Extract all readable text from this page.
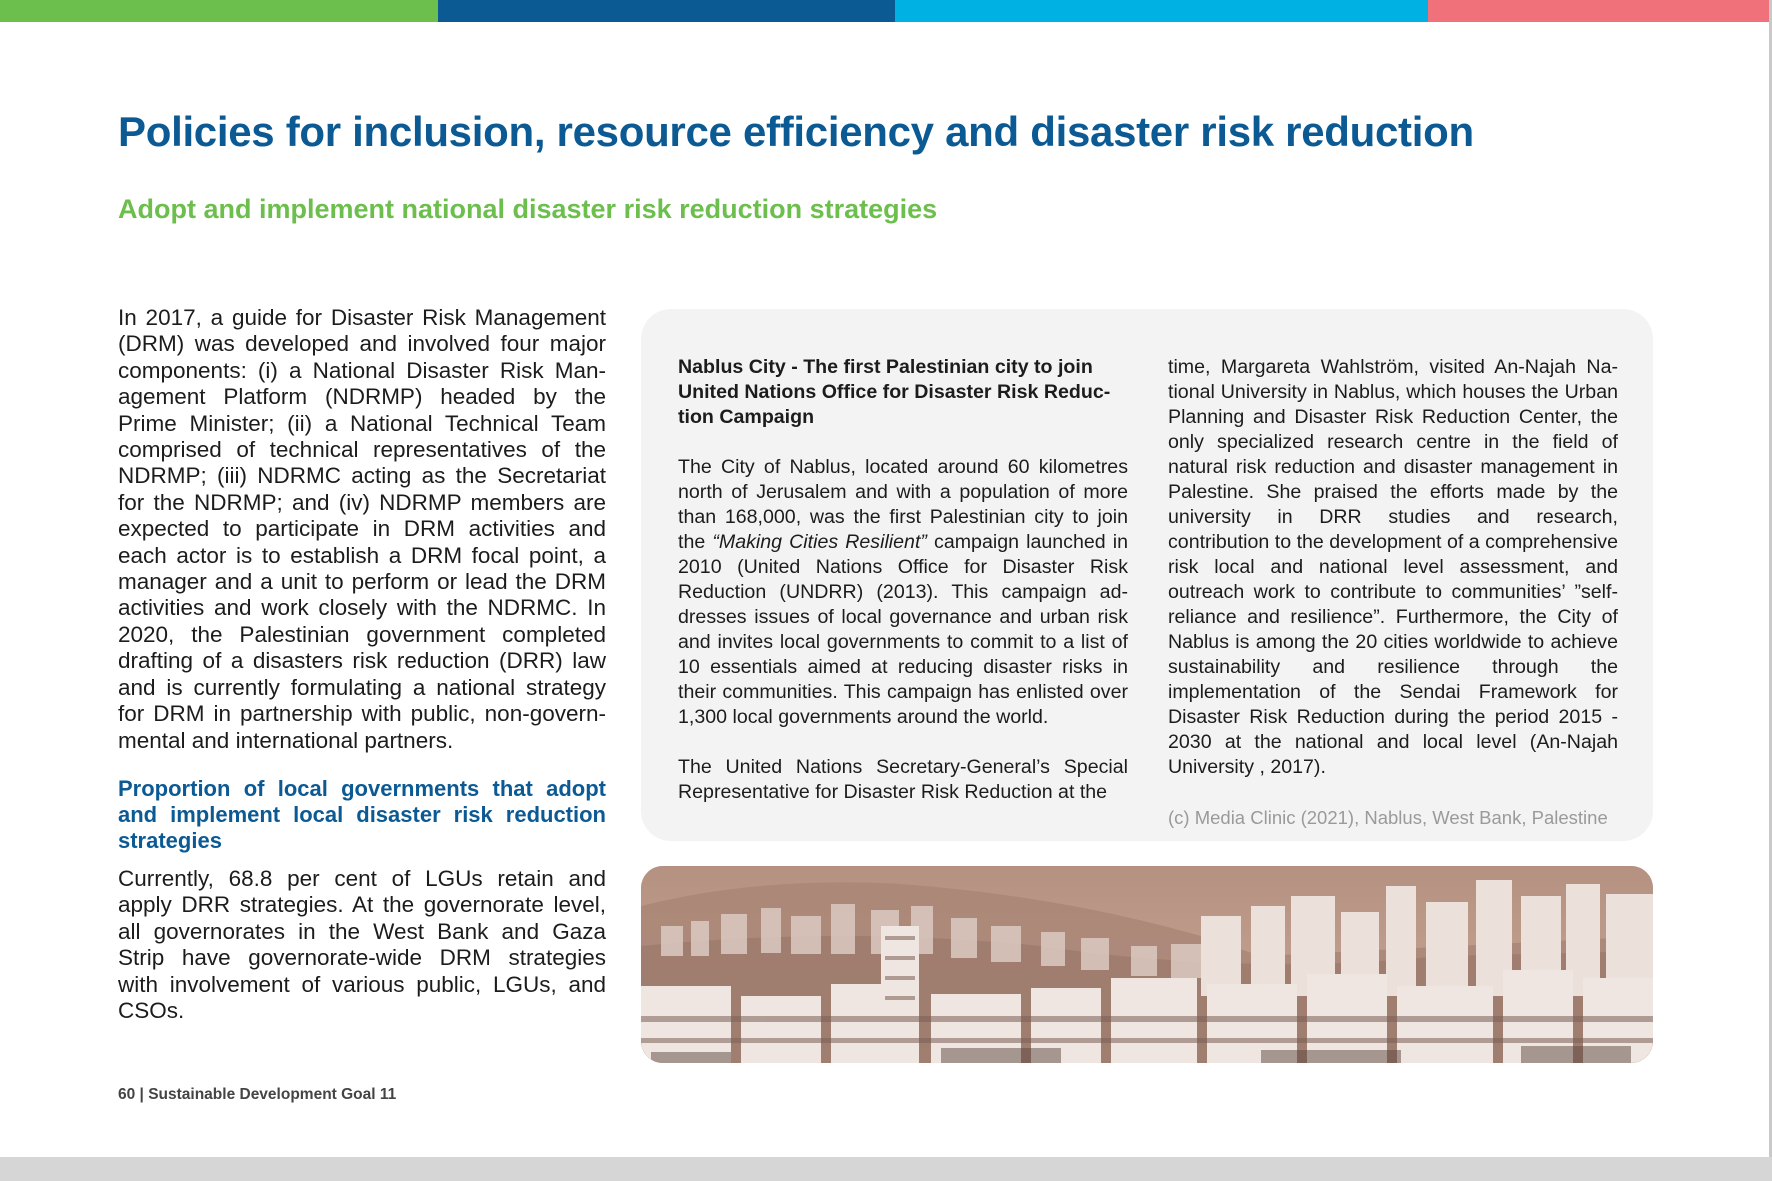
Policies for inclusion, resource efficiency and disaster risk reduction
Adopt and implement national disaster risk reduction strategies

In 2017, a guide for Disaster Risk Management (DRM) was developed and involved four major components: (i) a National Disaster Risk Management Platform (NDRMP) headed by the Prime Minister; (ii) a National Technical Team comprised of technical representatives of the NDRMP; (iii) NDRMC acting as the Secretariat for the NDRMP; and (iv) NDRMP members are expected to participate in DRM activities and each actor is to establish a DRM focal point, a manager and a unit to perform or lead the DRM activities and work closely with the NDRMC. In 2020, the Palestinian government completed drafting of a disasters risk reduction (DRR) law and is currently formulating a national strategy for DRM in partnership with public, non-governmental and international partners.

Proportion of local governments that adopt and implement local disaster risk reduction strategies

Currently, 68.8 per cent of LGUs retain and apply DRR strategies. At the governorate level, all governorates in the West Bank and Gaza Strip have governorate-wide DRM strategies with involvement of various public, LGUs, and CSOs.

Nablus City - The first Palestinian city to join United Nations Office for Disaster Risk Reduction Campaign

The City of Nablus, located around 60 kilometres north of Jerusalem and with a population of more than 168,000, was the first Palestinian city to join the “Making Cities Resilient” campaign launched in 2010 (United Nations Office for Disaster Risk Reduction (UNDRR) (2013). This campaign addresses issues of local governance and urban risk and invites local governments to commit to a list of 10 essentials aimed at reducing disaster risks in their communities. This campaign has enlisted over 1,300 local governments around the world.

The United Nations Secretary-General’s Special Representative for Disaster Risk Reduction at the

time, Margareta Wahlström, visited An-Najah National University in Nablus, which houses the Urban Planning and Disaster Risk Reduction Center, the only specialized research centre in the field of natural risk reduction and disaster management in Palestine. She praised the efforts made by the university in DRR studies and research, contribution to the development of a comprehensive risk local and national level assessment, and outreach work to contribute to communities’ ”self-reliance and resilience”. Furthermore, the City of Nablus is among the 20 cities worldwide to achieve sustainability and resilience through the implementation of the Sendai Framework for Disaster Risk Reduction during the period 2015 - 2030 at the national and local level (An-Najah University , 2017).

(c) Media Clinic (2021), Nablus, West Bank, Palestine

60 | Sustainable Development Goal 11
